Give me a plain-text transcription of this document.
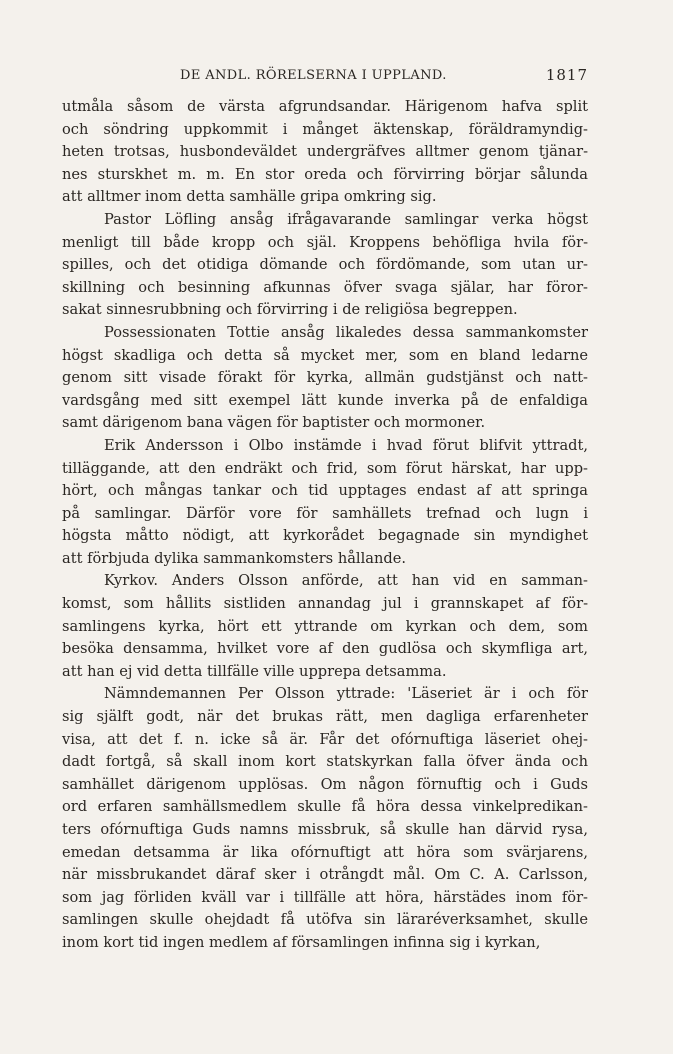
DE ANDL. RÖRELSERNA I UPPLAND.	1817
utmåla såsom de värsta afgrundsandar. Härigenom hafva split
och söndring uppkommit i månget äktenskap, föräldramyndig-
heten trotsas, husbondeväldet undergräfves alltmer genom tjänar-
nes sturskhet m. m. En stor oreda och förvirring börjar sålunda
att alltmer inom detta samhälle gripa omkring sig.
Pastor Löfling ansåg ifrågavarande samlingar verka högst
menligt till både kropp och själ. Kroppens behöfliga hvila för-
spilles, och det otidiga dömande och fördömande, som utan ur-
skillning och besinning afkunnas öfver svaga själar, har föror-
sakat sinnesrubbning och förvirring i de religiösa begreppen.
Possessionaten Tottie ansåg likaledes dessa sammankomster
högst skadliga och detta så mycket mer, som en bland ledarne
genom sitt visade förakt för kyrka, allmän gudstjänst och natt-
vardsgång med sitt exempel lätt kunde inverka på de enfaldiga
samt därigenom bana vägen för baptister och mormoner.
Erik Andersson i Olbo instämde i hvad förut blifvit yttradt,
tilläggande, att den endräkt och frid, som förut härskat, har upp-
hört, och mångas tankar och tid upptages endast af att springa
på samlingar. Därför vore för samhällets trefnad och lugn i
högsta måtto nödigt, att kyrkorådet begagnade sin myndighet
att förbjuda dylika sammankomsters hållande.
Kyrkov. Anders Olsson anförde, att han vid en samman-
komst, som hållits sistliden annandag jul i grannskapet af för-
samlingens kyrka, hört ett yttrande om kyrkan och dem, som
besöka densamma, hvilket vore af den gudlösa och skymfliga art,
att han ej vid detta tillfälle ville upprepa detsamma.
Nämndemannen Per Olsson yttrade: 'Läseriet är i och för
sig själft godt, när det brukas rätt, men dagliga erfarenheter
visa, att det f. n. icke så är. Får det ofórnuftiga läseriet ohej-
dadt fortgå, så skall inom kort statskyrkan falla öfver ända och
samhället därigenom upplösas. Om någon förnuftig och i Guds
ord erfaren samhällsmedlem skulle få höra dessa vinkelpredikan-
ters ofórnuftiga Guds namns missbruk, så skulle han därvid rysa,
emedan detsamma är lika ofórnuftigt att höra som svärjarens,
när missbrukandet däraf sker i otrångdt mål. Om C. A. Carlsson,
som jag förliden kväll var i tillfälle att höra, härstädes inom för-
samlingen skulle ohejdadt få utöfva sin läraréverksamhet, skulle
inom kort tid ingen medlem af församlingen infinna sig i kyrkan,
